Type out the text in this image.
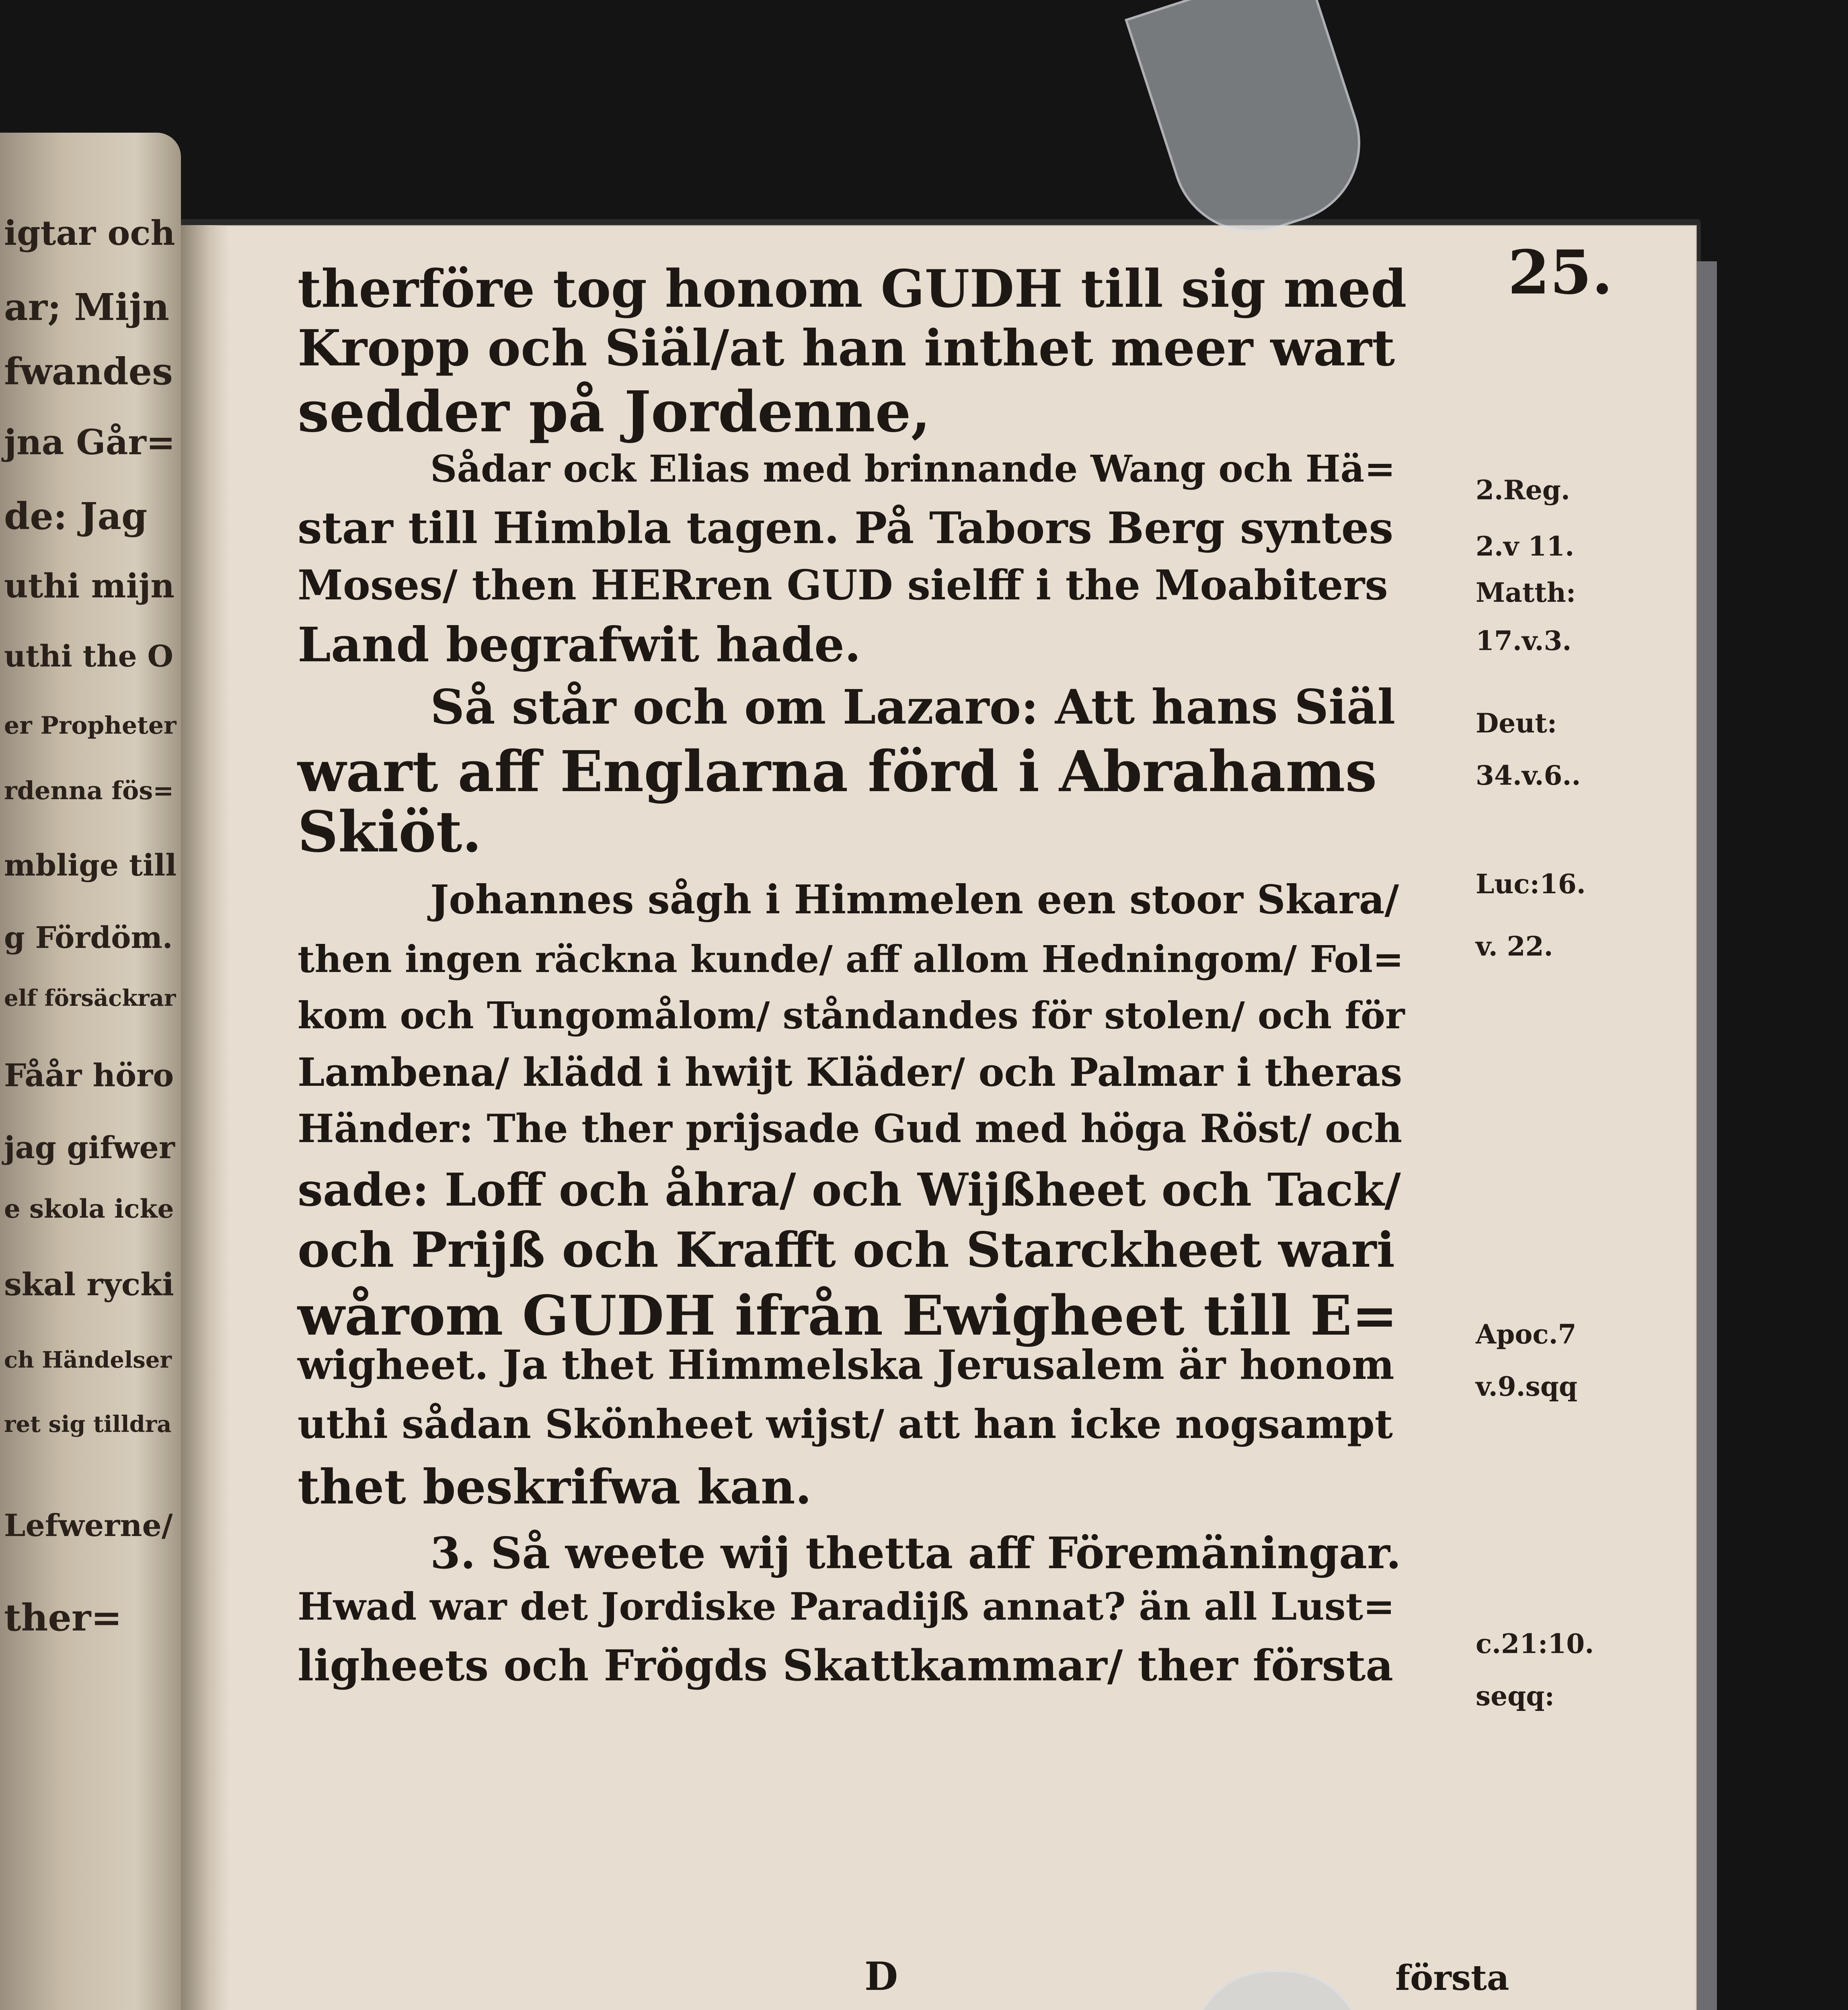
igtar och
ar; Mijn
fwandes
jna Går=
de: Jag
uthi mijn
uthi the O
er Propheter
rdenna fös=
mblige till
g Fördöm.
elf försäckrar
Fåår höro
jag gifwer
e skola icke
skal rycki
ch Händelser
ret sig tilldra
Lefwerne/
ther=
25.
therföre tog honom GUDH till sig med
Kropp och Siäl/at han inthet meer wart
sedder på Jordenne,
Sådar ock Elias med brinnande Wang och Hä=
star till Himbla tagen. På Tabors Berg syntes
Moses/ then HERren GUD sielff i the Moabiters
Land begrafwit hade.
Så står och om Lazaro: Att hans Siäl
wart aff Englarna förd i Abrahams
Skiöt.
Johannes sågh i Himmelen een stoor Skara/
then ingen räckna kunde/ aff allom Hedningom/ Fol=
kom och Tungomålom/ ståndandes för stolen/ och för
Lambena/ klädd i hwijt Kläder/ och Palmar i theras
Händer: The ther prijsade Gud med höga Röst/ och
sade: Loff och åhra/ och Wijßheet och Tack/
och Prijß och Krafft och Starckheet wari
wårom GUDH ifrån Ewigheet till E=
wigheet. Ja thet Himmelska Jerusalem är honom
uthi sådan Skönheet wijst/ att han icke nogsampt
thet beskrifwa kan.
3. Så weete wij thetta aff Föremäningar.
Hwad war det Jordiske Paradijß annat? än all Lust=
ligheets och Frögds Skattkammar/ ther första
2.Reg.
2.v 11.
Matth:
17.v.3.
Deut:
34.v.6..
Luc:16.
v. 22.
Apoc.7
v.9.sqq
c.21:10.
seqq:
D	första
